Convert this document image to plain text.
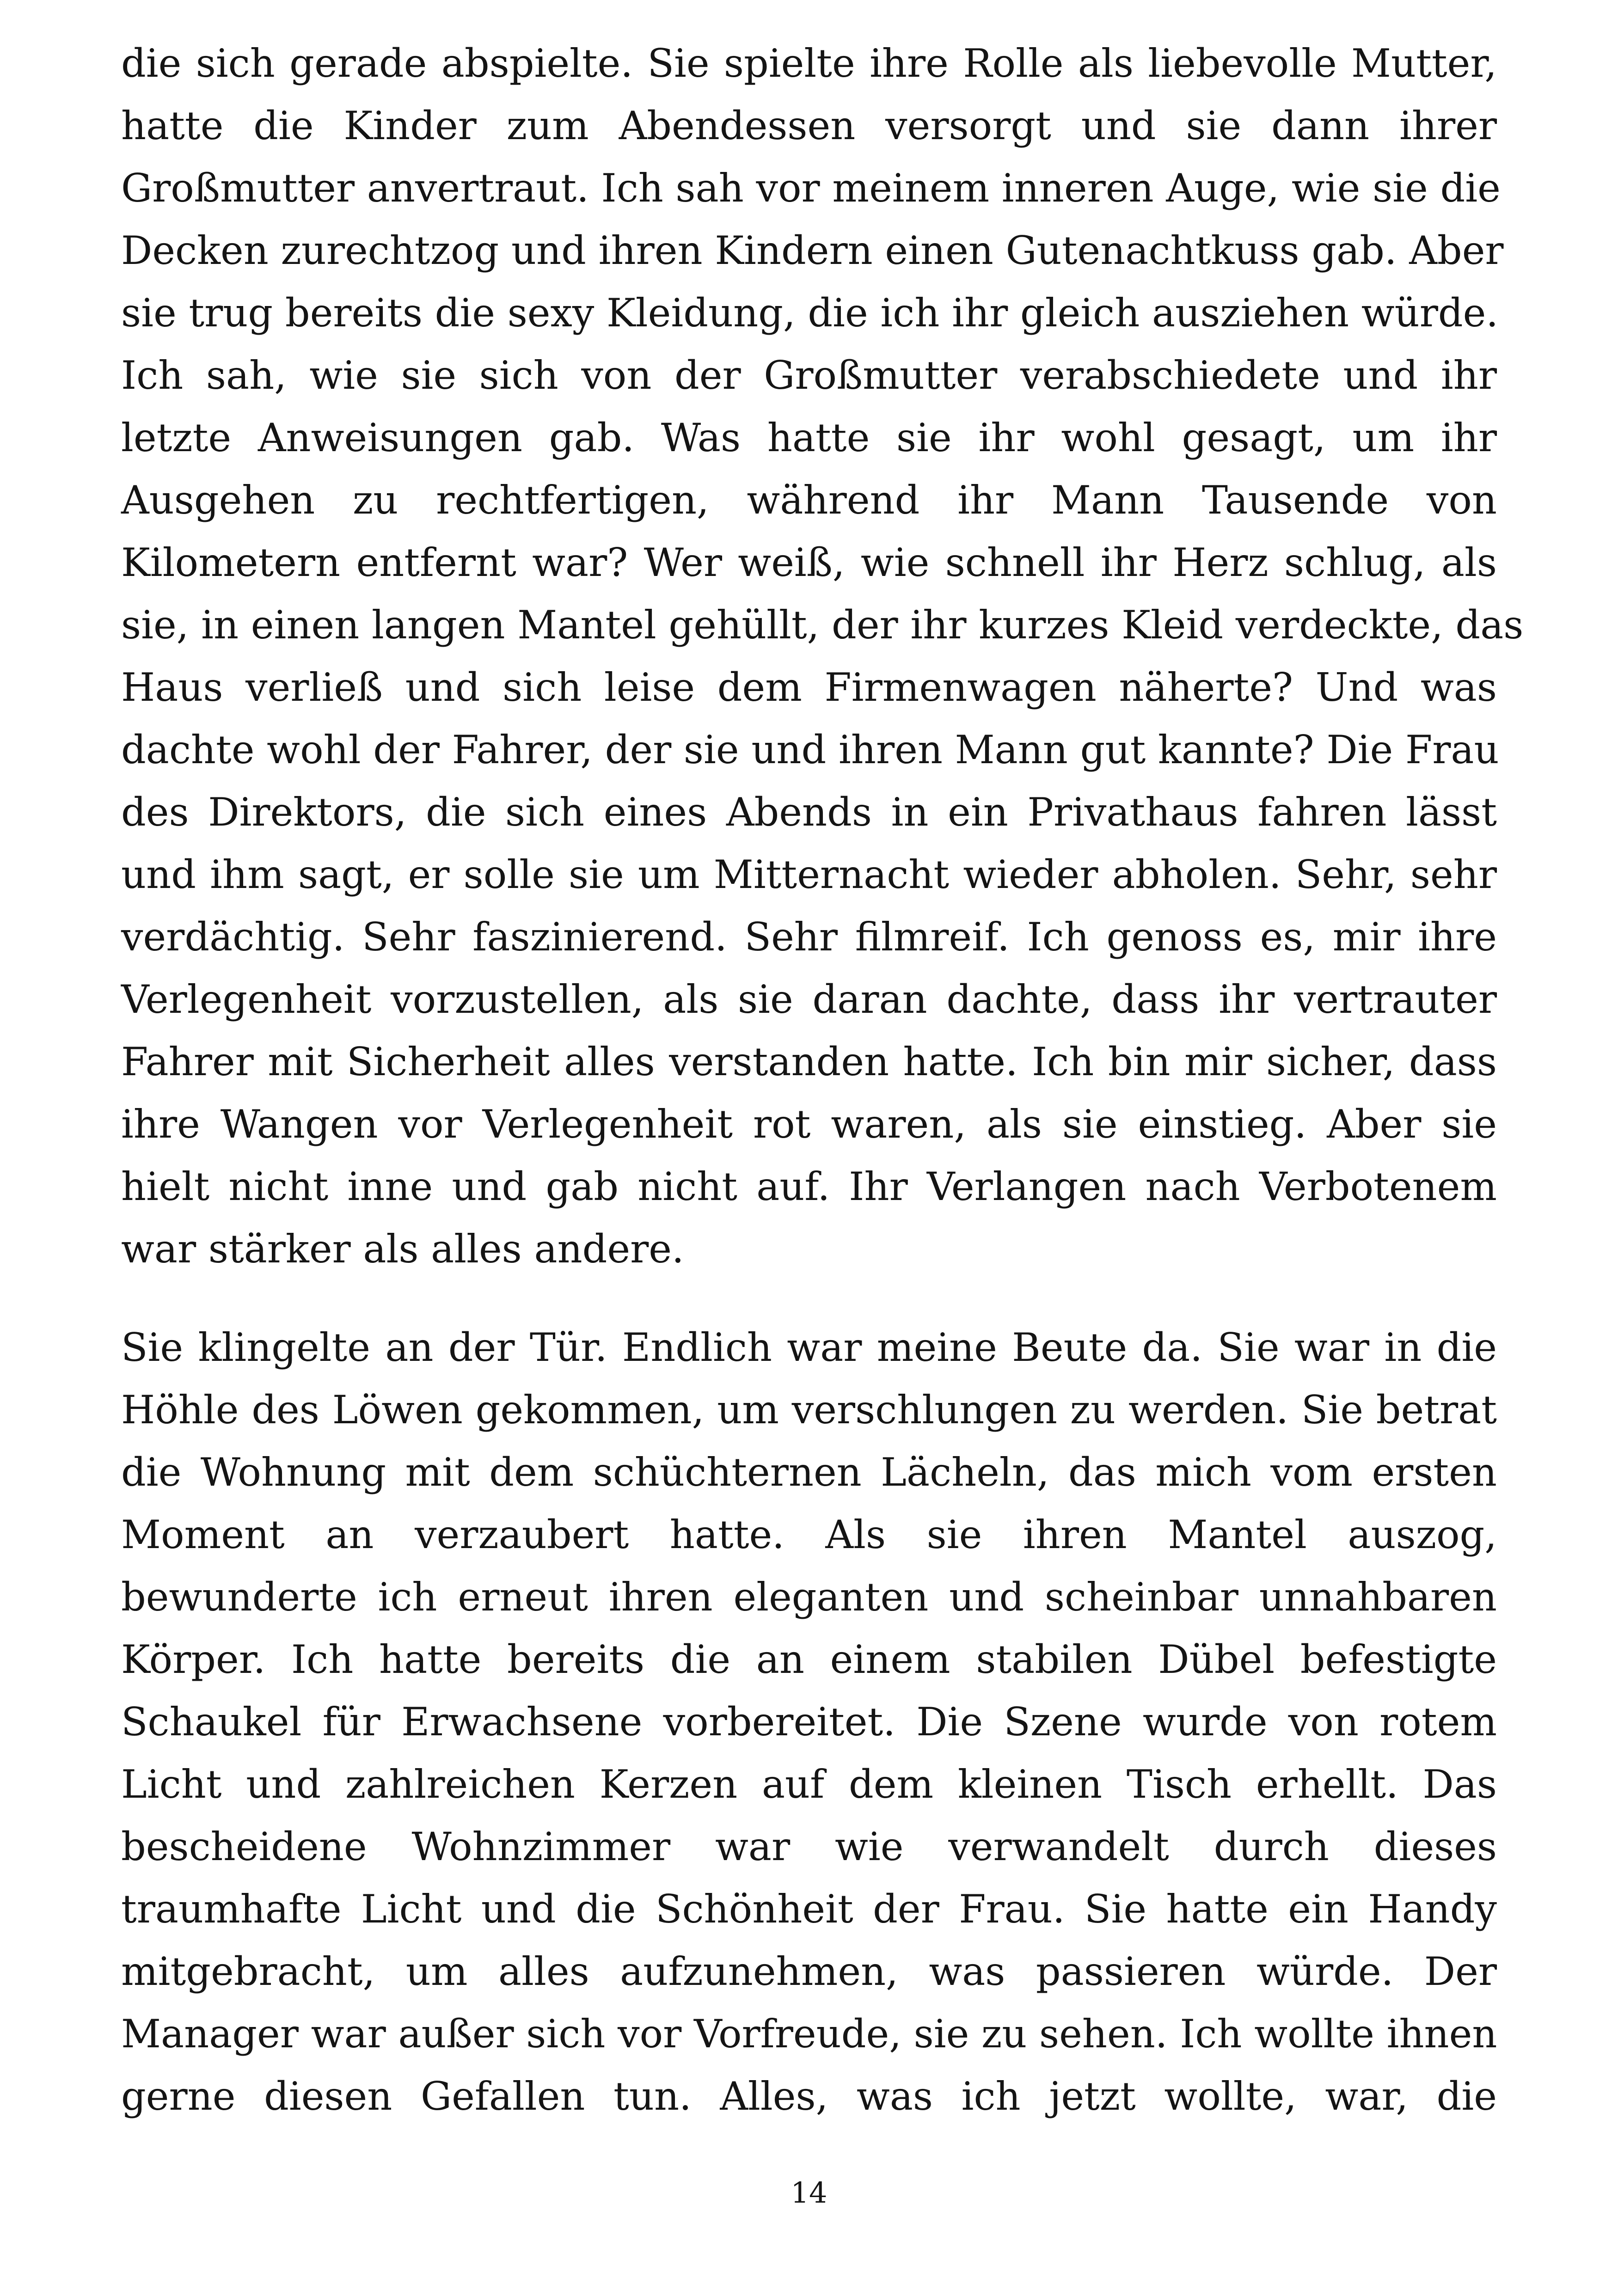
die sich gerade abspielte. Sie spielte ihre Rolle als liebevolle Mutter,
hatte die Kinder zum Abendessen versorgt und sie dann ihrer
Großmutter anvertraut. Ich sah vor meinem inneren Auge, wie sie die
Decken zurechtzog und ihren Kindern einen Gutenachtkuss gab. Aber
sie trug bereits die sexy Kleidung, die ich ihr gleich ausziehen würde.
Ich sah, wie sie sich von der Großmutter verabschiedete und ihr
letzte Anweisungen gab. Was hatte sie ihr wohl gesagt, um ihr
Ausgehen zu rechtfertigen, während ihr Mann Tausende von
Kilometern entfernt war? Wer weiß, wie schnell ihr Herz schlug, als
sie, in einen langen Mantel gehüllt, der ihr kurzes Kleid verdeckte, das
Haus verließ und sich leise dem Firmenwagen näherte? Und was
dachte wohl der Fahrer, der sie und ihren Mann gut kannte? Die Frau
des Direktors, die sich eines Abends in ein Privathaus fahren lässt
und ihm sagt, er solle sie um Mitternacht wieder abholen. Sehr, sehr
verdächtig. Sehr faszinierend. Sehr filmreif. Ich genoss es, mir ihre
Verlegenheit vorzustellen, als sie daran dachte, dass ihr vertrauter
Fahrer mit Sicherheit alles verstanden hatte. Ich bin mir sicher, dass
ihre Wangen vor Verlegenheit rot waren, als sie einstieg. Aber sie
hielt nicht inne und gab nicht auf. Ihr Verlangen nach Verbotenem
war stärker als alles andere.

Sie klingelte an der Tür. Endlich war meine Beute da. Sie war in die
Höhle des Löwen gekommen, um verschlungen zu werden. Sie betrat
die Wohnung mit dem schüchternen Lächeln, das mich vom ersten
Moment an verzaubert hatte. Als sie ihren Mantel auszog,
bewunderte ich erneut ihren eleganten und scheinbar unnahbaren
Körper. Ich hatte bereits die an einem stabilen Dübel befestigte
Schaukel für Erwachsene vorbereitet. Die Szene wurde von rotem
Licht und zahlreichen Kerzen auf dem kleinen Tisch erhellt. Das
bescheidene Wohnzimmer war wie verwandelt durch dieses
traumhafte Licht und die Schönheit der Frau. Sie hatte ein Handy
mitgebracht, um alles aufzunehmen, was passieren würde. Der
Manager war außer sich vor Vorfreude, sie zu sehen. Ich wollte ihnen
gerne diesen Gefallen tun. Alles, was ich jetzt wollte, war, die

14
